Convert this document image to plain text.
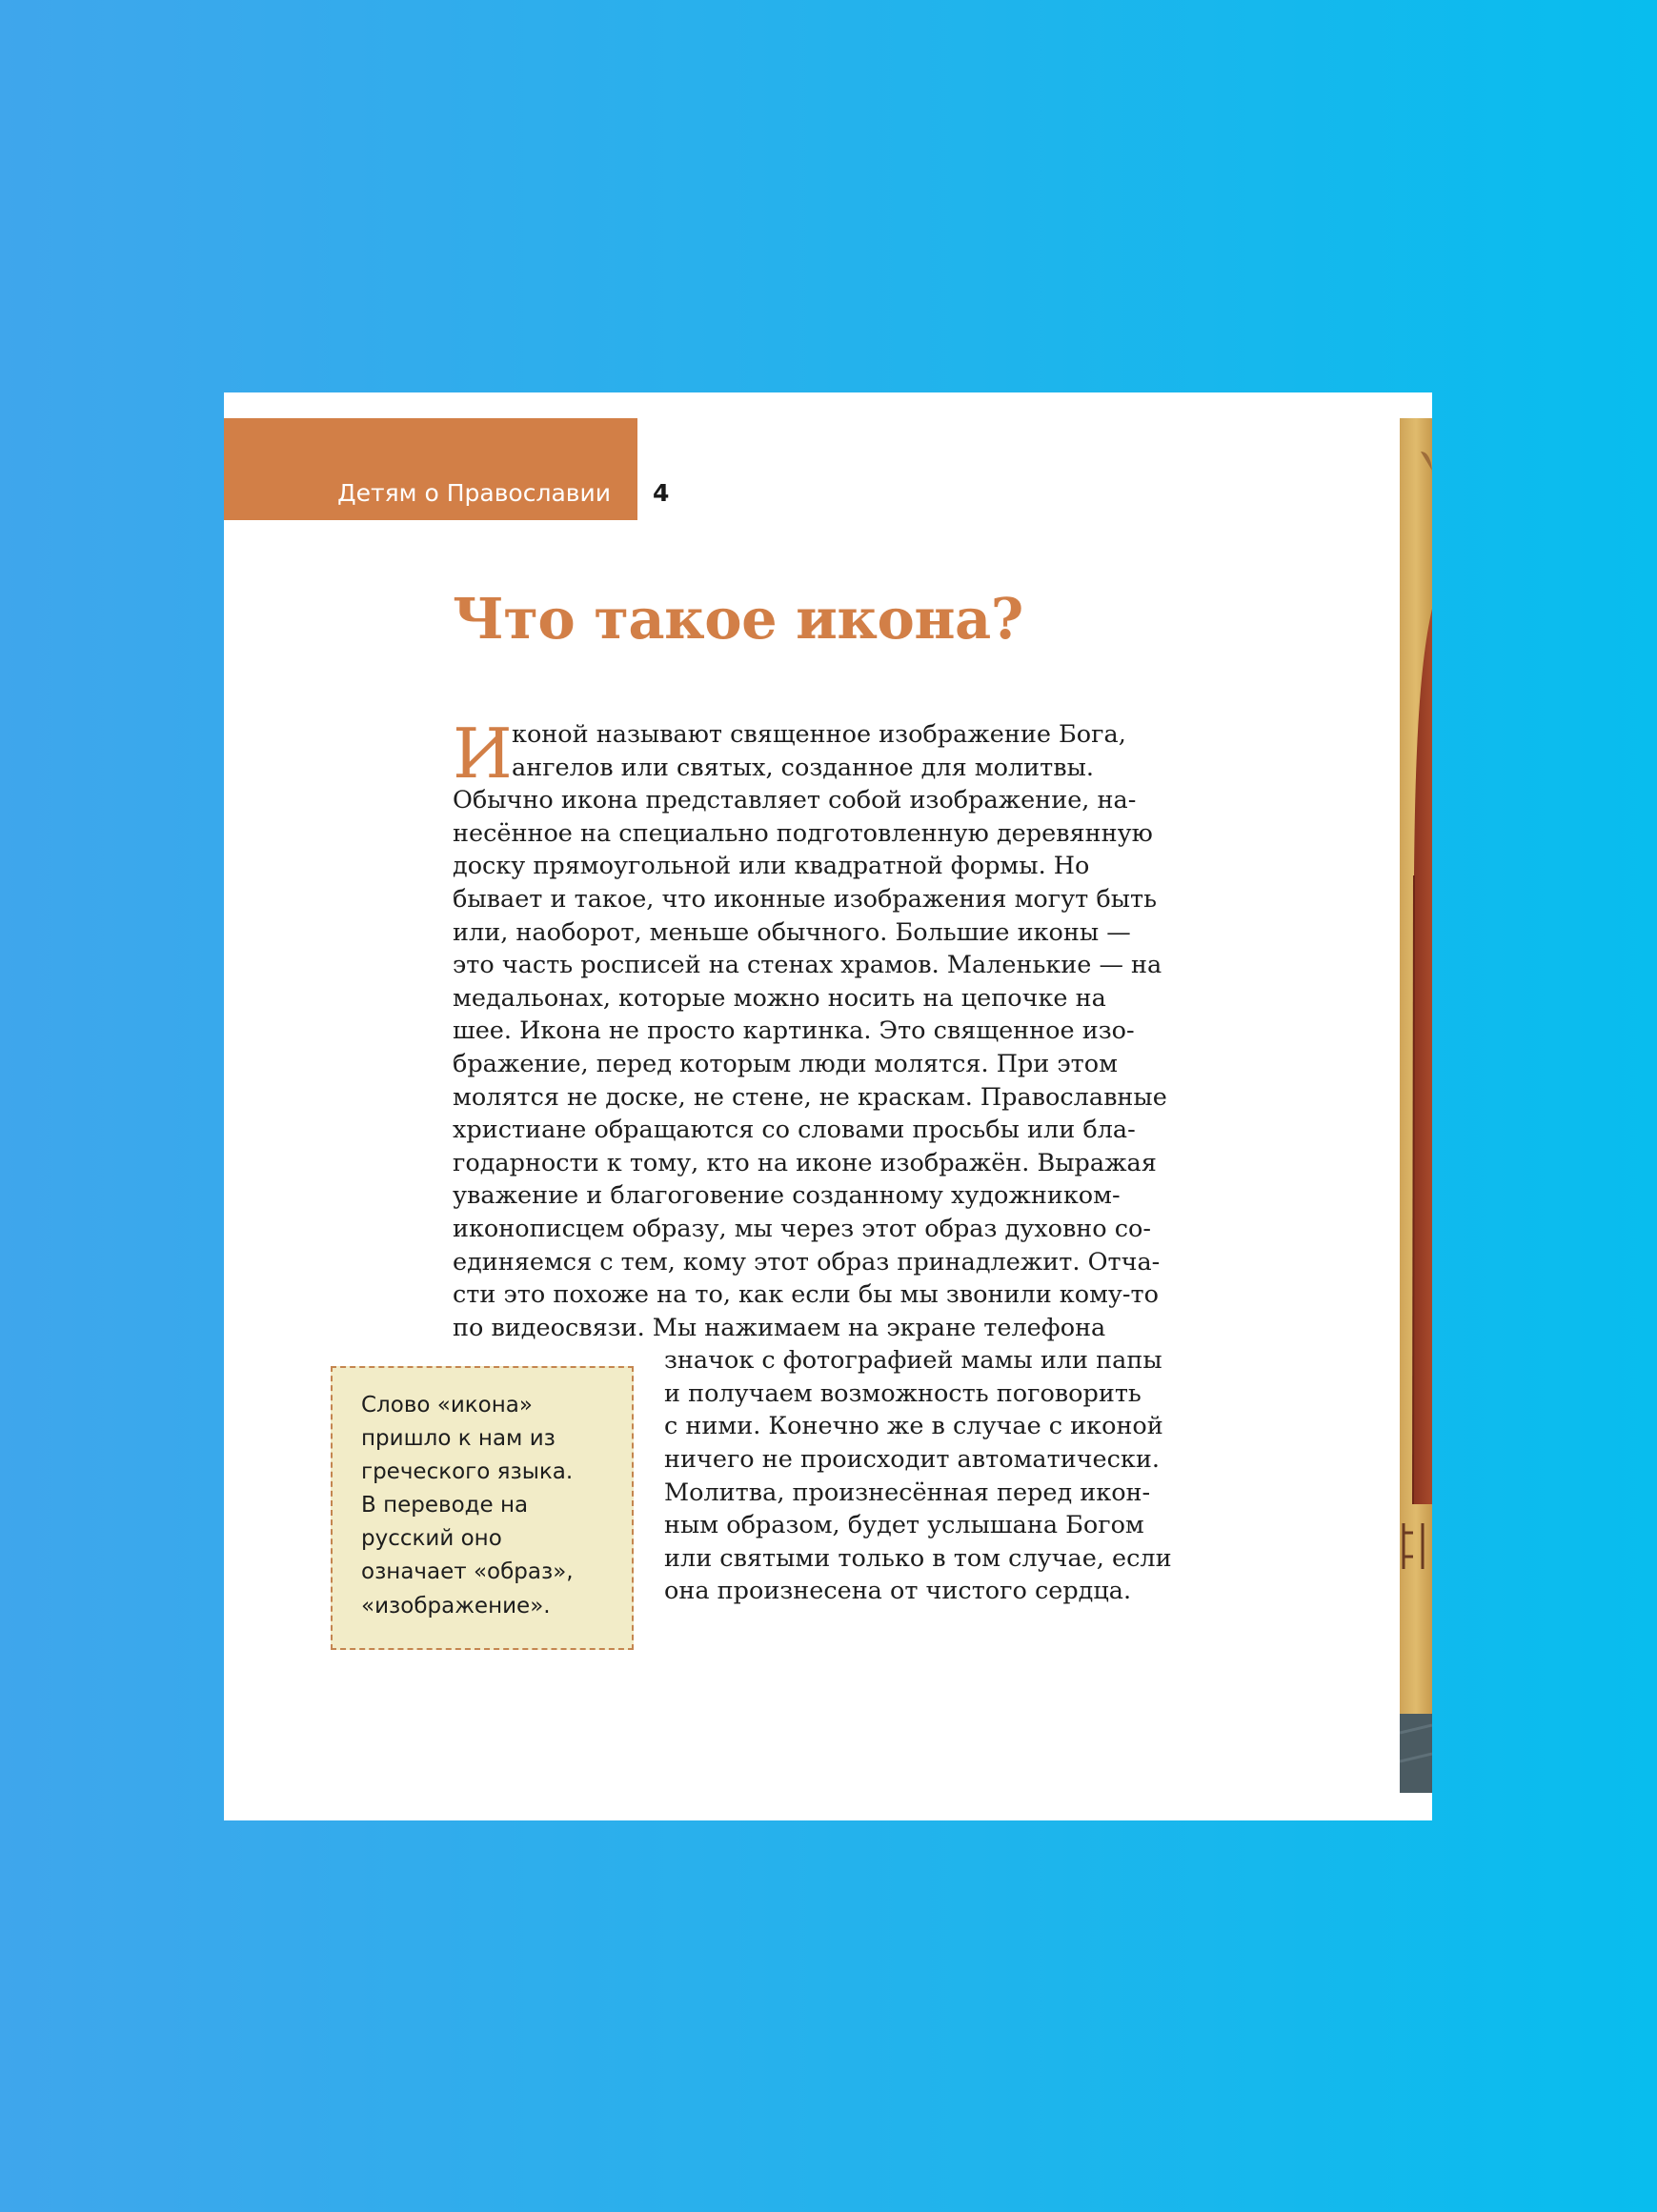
Детям о Православии 4
Что такое икона?
И коной называют священное изображение Бога,
ангелов или святых, созданное для молитвы.
Обычно икона представляет собой изображение, на-
несённое на специально подготовленную деревянную
доску прямоугольной или квадратной формы. Но
бывает и такое, что иконные изображения могут быть
или, наоборот, меньше обычного. Большие иконы —
это часть росписей на стенах храмов. Маленькие — на
медальонах, которые можно носить на цепочке на
шее. Икона не просто картинка. Это священное изо-
бражение, перед которым люди молятся. При этом
молятся не доске, не стене, не краскам. Православные
христиане обращаются со словами просьбы или бла-
годарности к тому, кто на иконе изображён. Выражая
уважение и благоговение созданному художником-
иконописцем образу, мы через этот образ духовно со-
единяемся с тем, кому этот образ принадлежит. Отча-
сти это похоже на то, как если бы мы звонили кому-то
по видеосвязи. Мы нажимаем на экране телефона
значок с фотографией мамы или папы
и получаем возможность поговорить
с ними. Конечно же в случае с иконой
ничего не происходит автоматически.
Молитва, произнесённая перед икон-
ным образом, будет услышана Богом
или святыми только в том случае, если
она произнесена от чистого сердца.
Слово «икона»
пришло к нам из
греческого языка.
В переводе на
русский оно
означает «образ»,
«изображение».
